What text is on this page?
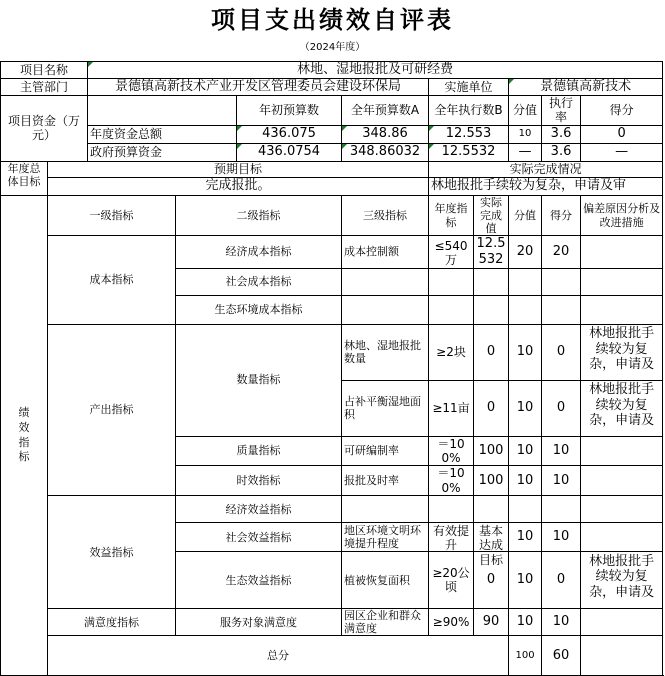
项目支出绩效自评表
（2024年度）
项目名称		林地、湿地报批及可研经费								
主管部门		景德镇高新技术产业开发区管理委员会建设环保局				实施单位		景德镇高新技术		
项目资金（万元）				年初预算数	全年预算数A	全年执行数B		分值	执行率	得分
		年度资金总额		436.075	348.86	12.553		10	3.6	0
		政府预算资金		436.0754	348.86032	12.5532		—	3.6	—

年度总体目标	预期目标					实际完成情况				
	完成报批。					林地报批手续较为复杂，申请及审				
绩效指标	一级指标		二级指标		三级指标	年度指标	实际完成值	分值	得分	偏差原因分析及改进措施
	成本指标		经济成本指标		成本控制额	≤540万	12.5532	20	20	
			社会成本指标							
			生态环境成本指标							
	产出指标		数量指标		林地、湿地报批数量	≥2块	0	10	0	林地报批手续较为复杂，申请及

					占补平衡湿地面积	≥11亩	0	10	0	林地报批手续较为复杂，申请及

			质量指标		可研编制率	＝100%	100	10	10	
			时效指标		报批及时率	＝100%	100	10	10	
	效益指标		经济效益指标							
			社会效益指标		地区环境文明环境提升程度	有效提升	基本达成目标	10	10	
			生态效益指标		植被恢复面积	≥20公顷	0	10	0	林地报批手续较为复杂，申请及

	满意度指标		服务对象满意度		园区企业和群众满意度	≥90%	90	10	10	
	总分							100	60	
